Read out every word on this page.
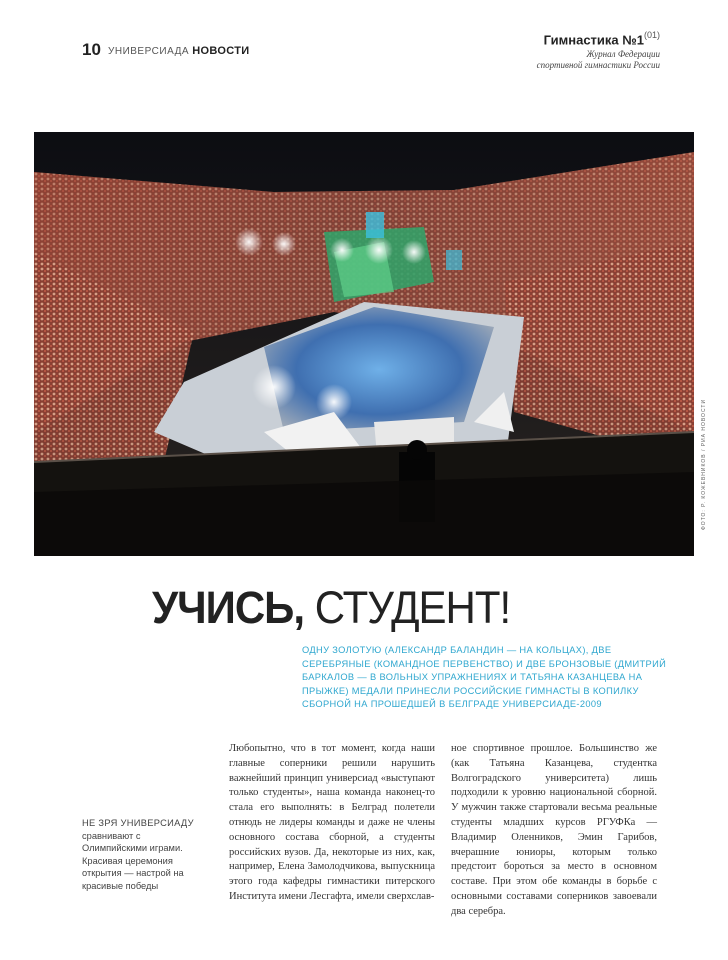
10 УНИВЕРСИАДА НОВОСТИ
Гимнастика №1$^{(01)}$
Журнал Федерации
спортивной гимнастики России
ФОТО: Р. КОЖЕВНИКОВ / РИА НОВОСТИ
УЧИСЬ, СТУДЕНТ!
ОДНУ ЗОЛОТУЮ (АЛЕКСАНДР БАЛАНДИН — НА КОЛЬЦАХ), ДВЕ СЕРЕБРЯНЫЕ (КОМАНДНОЕ ПЕРВЕНСТВО) И ДВЕ БРОНЗОВЫЕ (ДМИТРИЙ БАРКАЛОВ — В ВОЛЬНЫХ УПРАЖНЕНИЯХ И ТАТЬЯНА КАЗАНЦЕВА НА ПРЫЖКЕ) МЕДАЛИ ПРИНЕСЛИ РОССИЙСКИЕ ГИМНАСТЫ В КОПИЛКУ СБОРНОЙ НА ПРОШЕДШЕЙ В БЕЛГРАДЕ УНИВЕРСИАДЕ-2009
НЕ ЗРЯ УНИВЕРСИАДУ
сравнивают с Олимпийскими играми. Красивая церемония открытия — настрой на красивые победы
Любопытно, что в тот момент, когда наши главные соперники решили нарушить важнейший принцип универсиад «выступают только студенты», наша команда наконец-то стала его выполнять: в Белград полетели отнюдь не лидеры команды и даже не члены основного состава сборной, а студенты российских вузов. Да, некоторые из них, как, например, Елена Замолодчикова, выпускница этого года кафедры гимнастики питерского Института имени Лесгафта, имели сверхслав-
ное спортивное прошлое. Большинство же (как Татьяна Казанцева, студентка Волгоградского университета) лишь подходили к уровню национальной сборной. У мужчин также стартовали весьма реальные студенты младших курсов РГУФКа — Владимир Оленников, Эмин Гарибов, вчерашние юниоры, которым только предстоит бороться за место в основном составе. При этом обе команды в борьбе с основными составами соперников завоевали два серебра.
